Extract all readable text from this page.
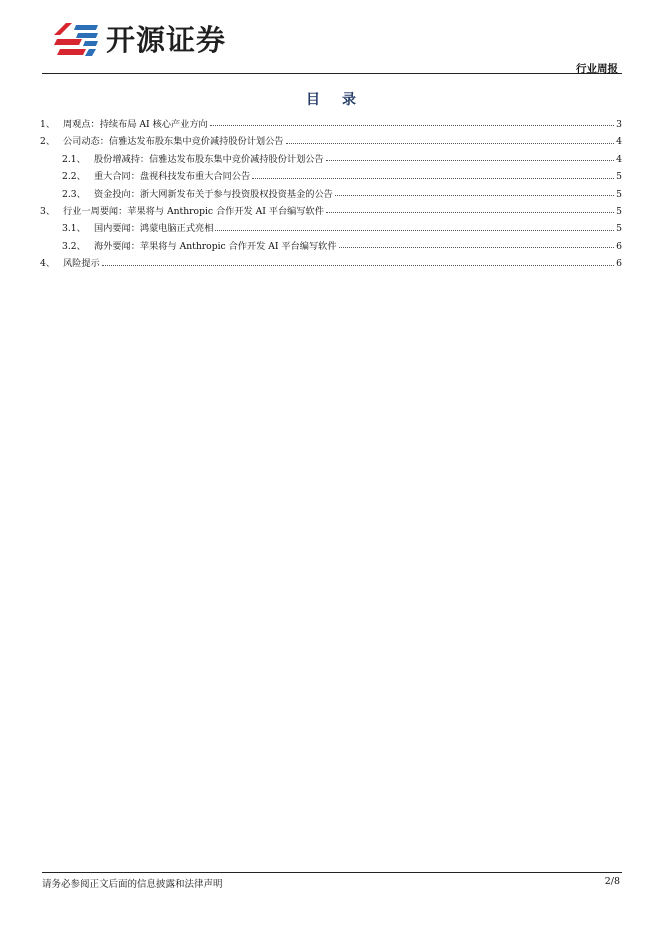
开源证券
行业周报
目录
1、 周观点：持续布局 AI 核心产业方向	3
2、 公司动态：信雅达发布股东集中竞价减持股份计划公告	4
2.1、 股份增减持：信雅达发布股东集中竞价减持股份计划公告	4
2.2、 重大合同：盘视科技发布重大合同公告	5
2.3、 资金投向：浙大网新发布关于参与投资股权投资基金的公告	5
3、 行业一周要闻：苹果将与 Anthropic 合作开发 AI 平台编写软件	5
3.1、 国内要闻：鸿蒙电脑正式亮相	5
3.2、 海外要闻：苹果将与 Anthropic 合作开发 AI 平台编写软件	6
4、 风险提示	6
请务必参阅正文后面的信息披露和法律声明	2/8
